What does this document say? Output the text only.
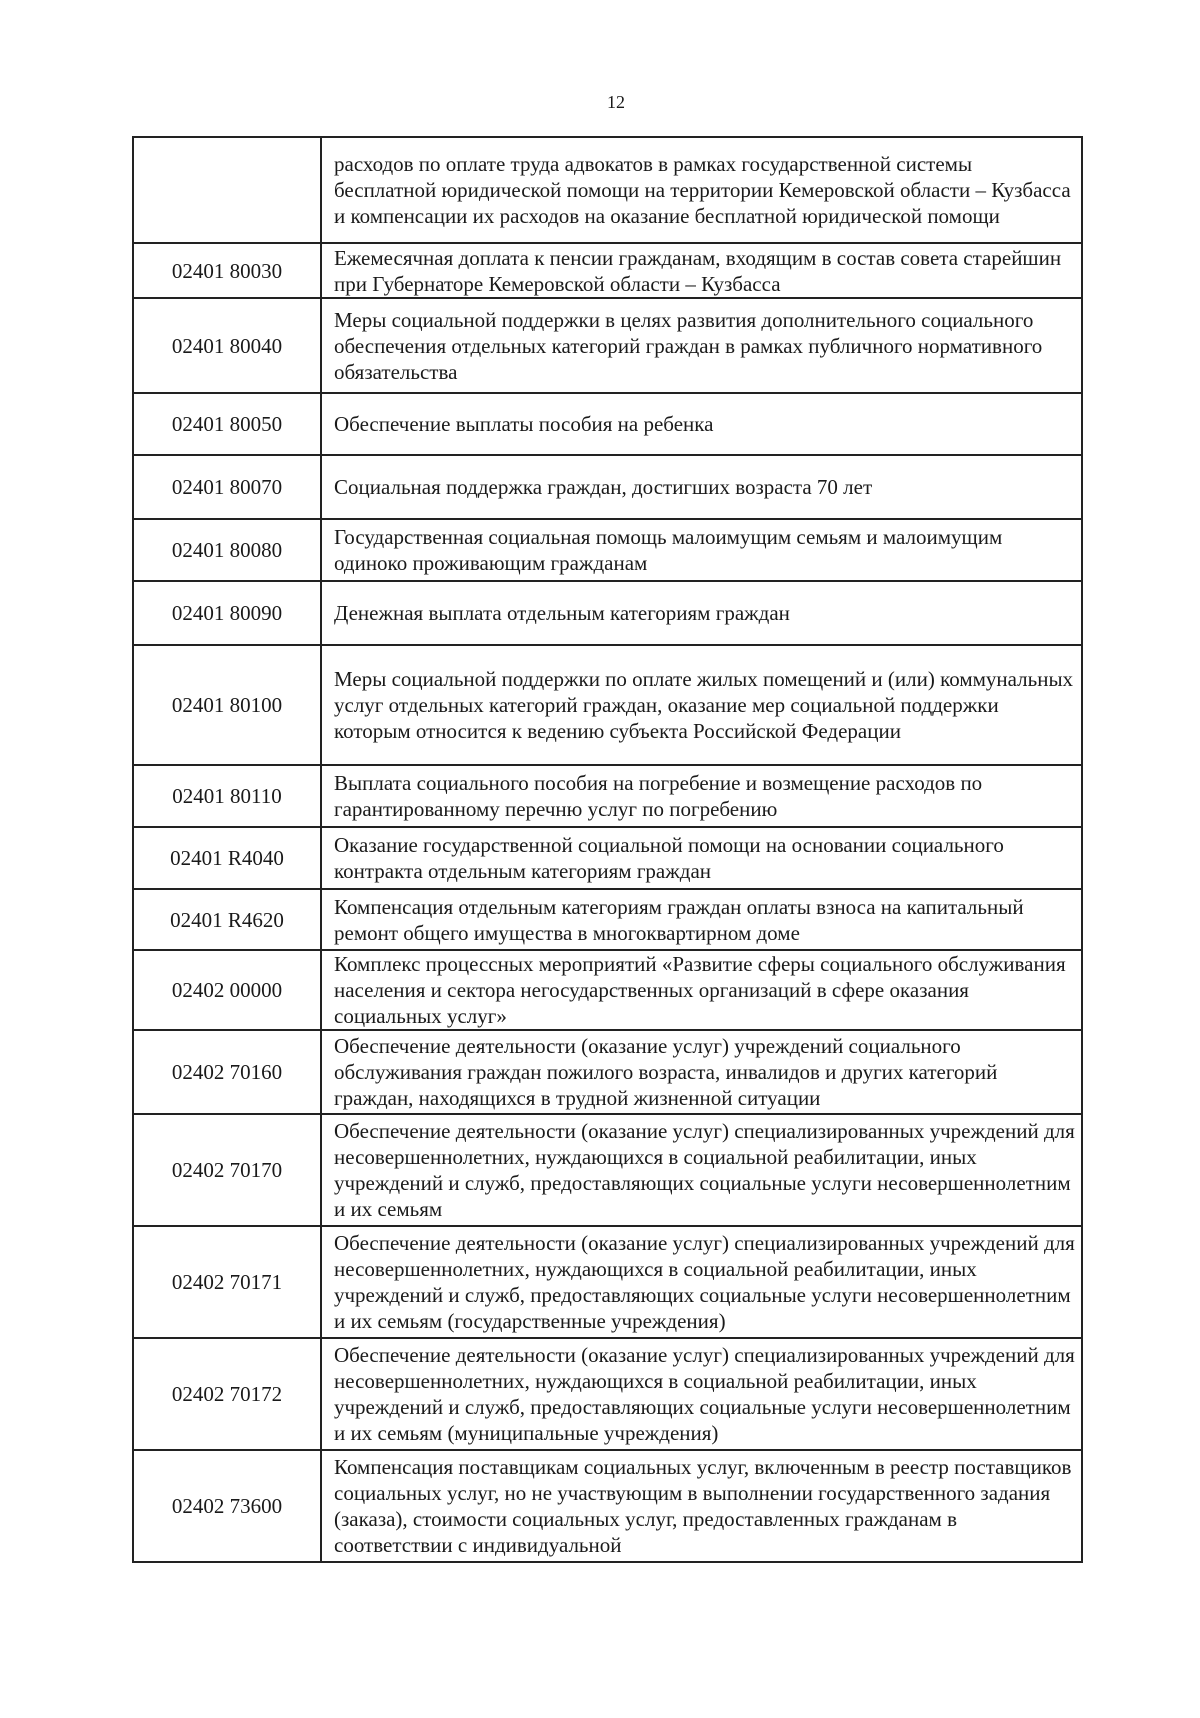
12
	расходов по оплате труда адвокатов в рамках государственной системы бесплатной юридической помощи на территории Кемеровской области – Кузбасса и компенсации их расходов на оказание бесплатной юридической помощи
02401 80030	Ежемесячная доплата к пенсии гражданам, входящим в состав совета старейшин при Губернаторе Кемеровской области – Кузбасса
02401 80040	Меры социальной поддержки в целях развития дополнительного социального обеспечения отдельных категорий граждан в рамках публичного нормативного обязательства
02401 80050	Обеспечение выплаты пособия на ребенка
02401 80070	Социальная поддержка граждан, достигших возраста 70 лет
02401 80080	Государственная социальная помощь малоимущим семьям и малоимущим одиноко проживающим гражданам
02401 80090	Денежная выплата отдельным категориям граждан
02401 80100	Меры социальной поддержки по оплате жилых помещений и (или) коммунальных услуг отдельных категорий граждан, оказание мер социальной поддержки которым относится к ведению субъекта Российской Федерации
02401 80110	Выплата социального пособия на погребение и возмещение расходов по гарантированному перечню услуг по погребению
02401 R4040	Оказание государственной социальной помощи на основании социального контракта отдельным категориям граждан
02401 R4620	Компенсация отдельным категориям граждан оплаты взноса на капитальный ремонт общего имущества в многоквартирном доме
02402 00000	Комплекс процессных мероприятий «Развитие сферы социального обслуживания населения и сектора негосударственных организаций в сфере оказания социальных услуг»
02402 70160	Обеспечение деятельности (оказание услуг) учреждений социального обслуживания граждан пожилого возраста, инвалидов и других категорий граждан, находящихся в трудной жизненной ситуации
02402 70170	Обеспечение деятельности (оказание услуг) специализированных учреждений для несовершеннолетних, нуждающихся в социальной реабилитации, иных учреждений и служб, предоставляющих социальные услуги несовершеннолетним и их семьям
02402 70171	Обеспечение деятельности (оказание услуг) специализированных учреждений для несовершеннолетних, нуждающихся в социальной реабилитации, иных учреждений и служб, предоставляющих социальные услуги несовершеннолетним и их семьям (государственные учреждения)
02402 70172	Обеспечение деятельности (оказание услуг) специализированных учреждений для несовершеннолетних, нуждающихся в социальной реабилитации, иных учреждений и служб, предоставляющих социальные услуги несовершеннолетним и их семьям (муниципальные учреждения)
02402 73600	Компенсация поставщикам социальных услуг, включенным в реестр поставщиков социальных услуг, но не участвующим в выполнении государственного задания (заказа), стоимости социальных услуг, предоставленных гражданам в соответствии с индивидуальной
